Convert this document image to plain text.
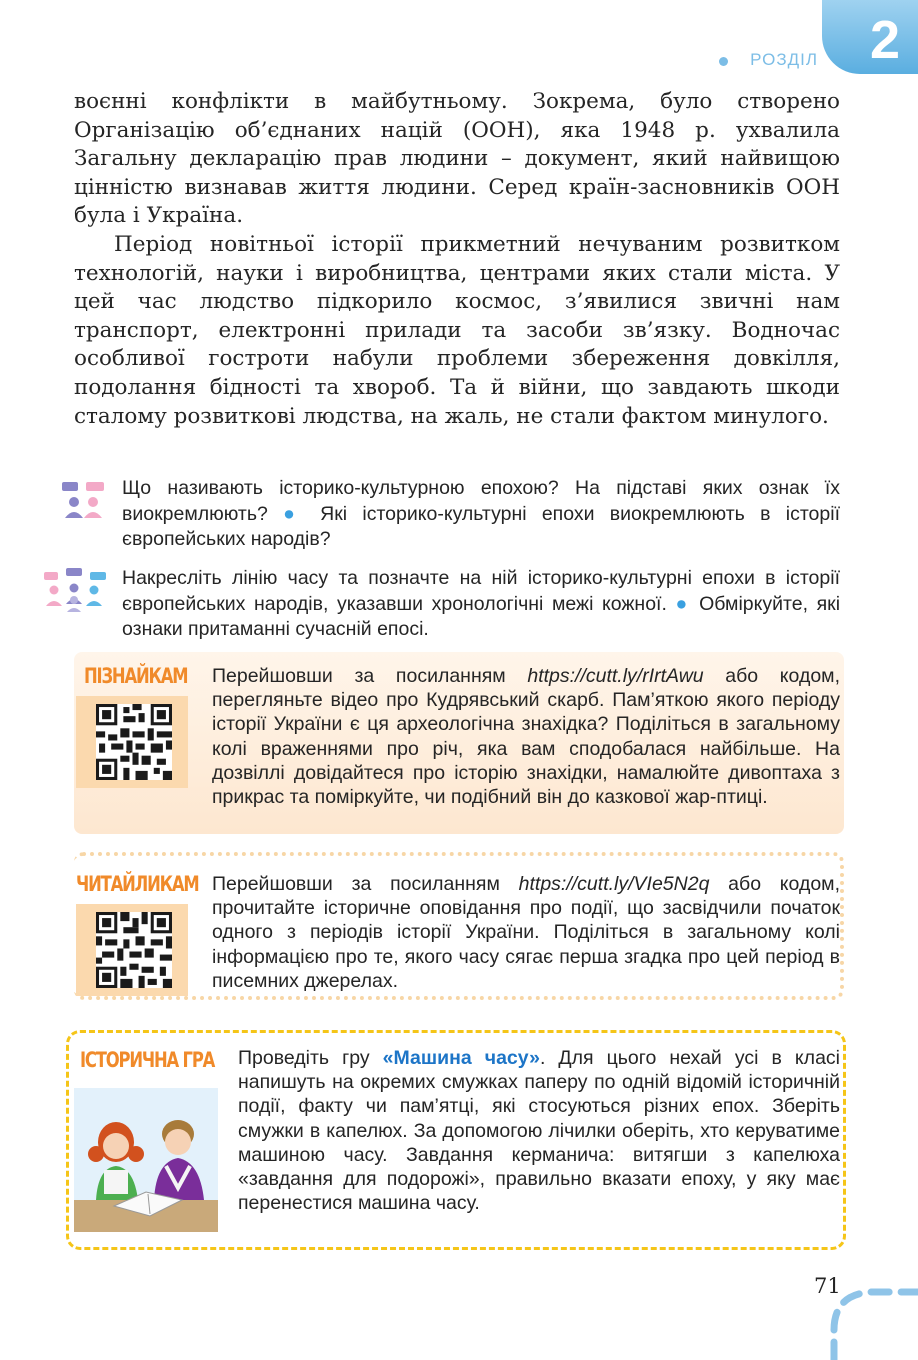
РОЗДІЛ 2

воєнні конфлікти в майбутньому. Зокрема, було створено Організацію об’єднаних націй (ООН), яка 1948 р. ухвалила Загальну декларацію прав людини – документ, який найвищою цінністю визнавав життя людини. Серед країн-засновників ООН була і Україна.

Період новітньої історії прикметний нечуваним розвитком технологій, науки і виробництва, центрами яких стали міста. У цей час людство підкорило космос, з’явилися звичні нам транспорт, електронні прилади та засоби зв’язку. Водночас особливої гостроти набули проблеми збереження довкілля, подолання бідності та хвороб. Та й війни, що завдають шкоди сталому розвиткові людства, на жаль, не стали фактом минулого.

Що називають історико-культурною епохою? На підставі яких ознак їх виокремлюють? ● Які історико-культурні епохи виокремлюють в історії європейських народів?
Накресліть лінію часу та позначте на ній історико-культурні епохи в історії європейських народів, указавши хронологічні межі кожної. ● Обміркуйте, які ознаки притаманні сучасній епосі.
ПІЗНАЙКАМ Перейшовши за посиланням https://cutt.ly/rIrtAwu або кодом, перегляньте відео про Кудрявський скарб. Пам’яткою якого періоду історії України є ця археологічна знахідка? Поділіться в загальному колі враженнями про річ, яка вам сподобалася найбільше. На дозвіллі довідайтеся про історію знахідки, намалюйте дивоптаха з прикрас та поміркуйте, чи подібний він до казкової жар-птиці.
ЧИТАЙЛИКАМ Перейшовши за посиланням https://cutt.ly/VIe5N2q або кодом, прочитайте історичне оповідання про події, що засвідчили початок одного з періодів історії України. Поділіться в загальному колі інформацією про те, якого часу сягає перша згадка про цей період в писемних джерелах.
ІСТОРИЧНА ГРА Проведіть гру «Машина часу». Для цього нехай усі в класі напишуть на окремих смужках паперу по одній відомій історичній події, факту чи пам’ятці, які стосуються різних епох. Зберіть смужки в капелюх. За допомогою лічилки оберіть, хто керуватиме машиною часу. Завдання керманича: витягши з капелюха «завдання для подорожі», правильно вказати епоху, у яку має перенестися машина часу.
71
